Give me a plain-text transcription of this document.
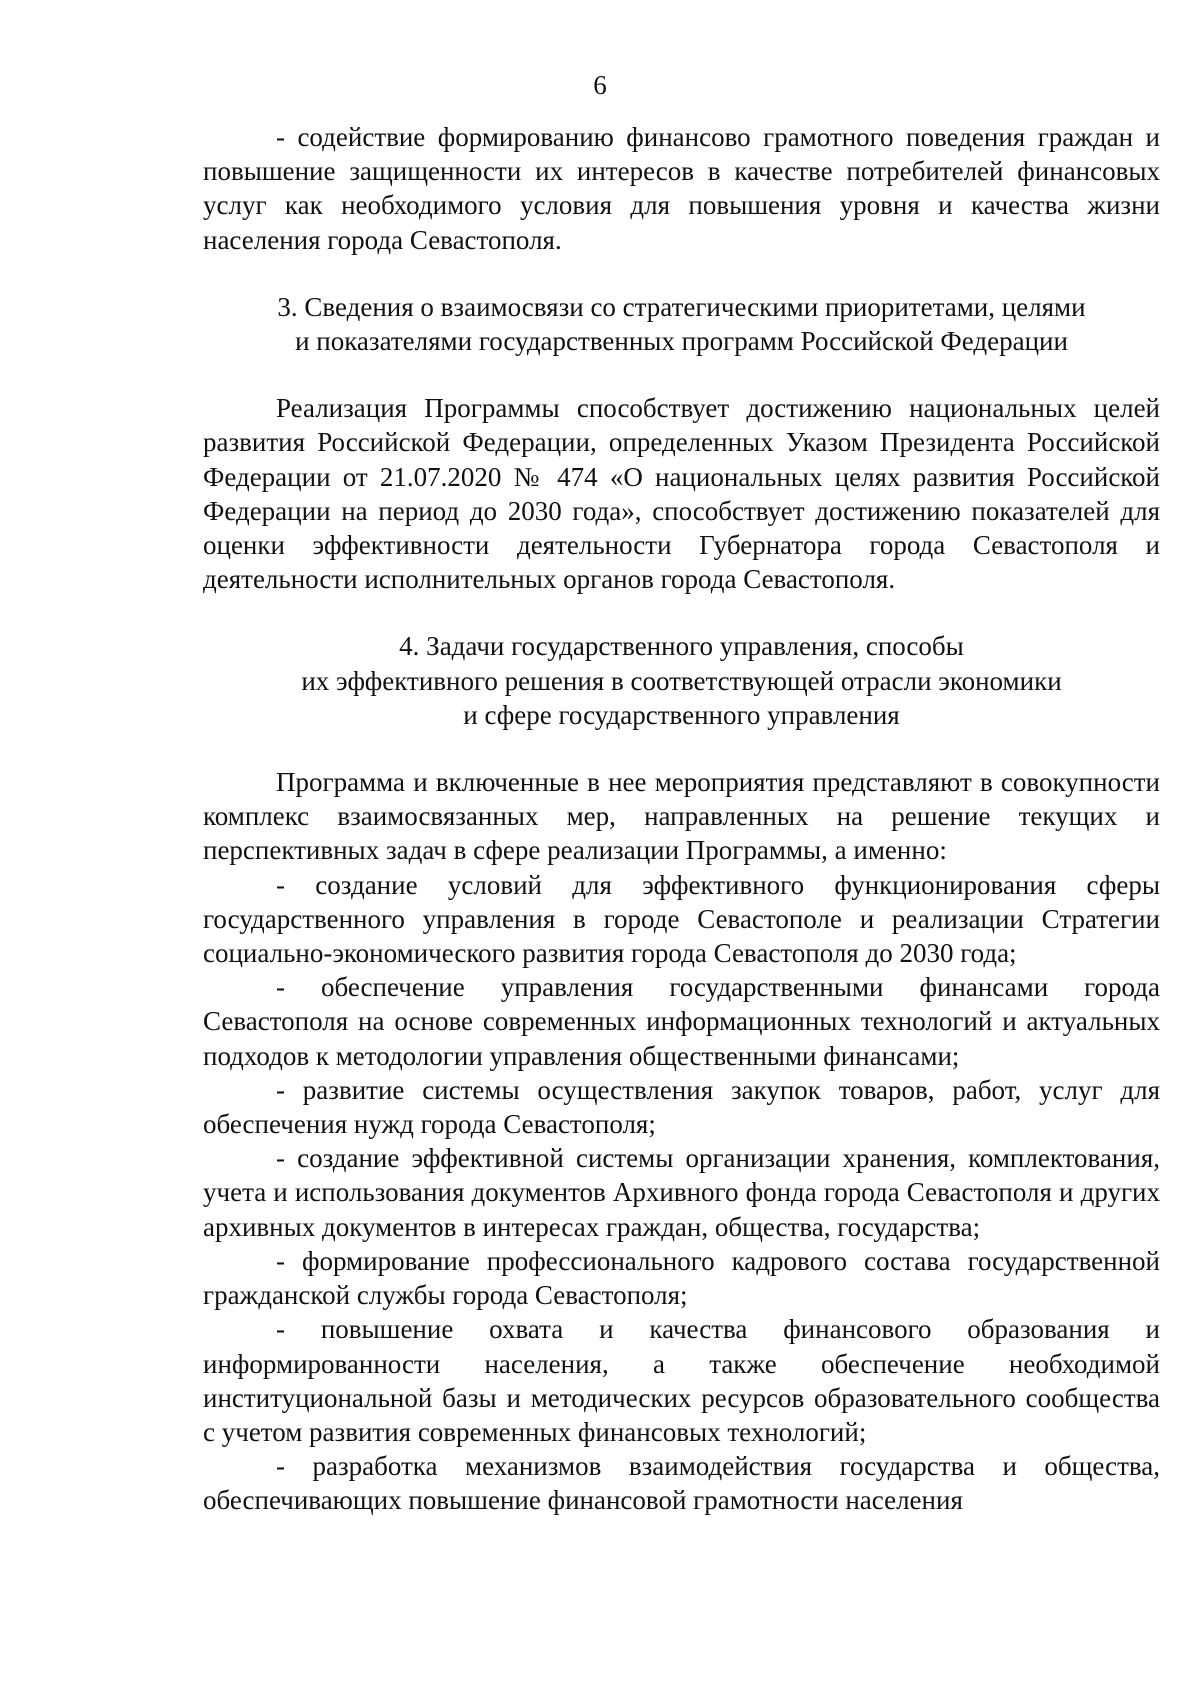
6

- содействие формированию финансово грамотного поведения граждан и повышение защищенности их интересов в качестве потребителей финансовых услуг как необходимого условия для повышения уровня и качества жизни населения города Севастополя.

3. Сведения о взаимосвязи со стратегическими приоритетами, целями

и показателями государственных программ Российской Федерации

Реализация Программы способствует достижению национальных целей развития Российской Федерации, определенных Указом Президента Российской Федерации от 21.07.2020 № 474 «О национальных целях развития Российской Федерации на период до 2030 года», способствует достижению показателей для оценки эффективности деятельности Губернатора города Севастополя и деятельности исполнительных органов города Севастополя.

4. Задачи государственного управления, способы

их эффективного решения в соответствующей отрасли экономики

и сфере государственного управления

Программа и включенные в нее мероприятия представляют в совокупности комплекс взаимосвязанных мер, направленных на решение текущих и перспективных задач в сфере реализации Программы, а именно:

- создание условий для эффективного функционирования сферы государственного управления в городе Севастополе и реализации Стратегии социально-экономического развития города Севастополя до 2030 года;

- обеспечение управления государственными финансами города Севастополя на основе современных информационных технологий и актуальных подходов к методологии управления общественными финансами;

- развитие системы осуществления закупок товаров, работ, услуг для обеспечения нужд города Севастополя;

- создание эффективной системы организации хранения, комплектования, учета и использования документов Архивного фонда города Севастополя и других архивных документов в интересах граждан, общества, государства;

- формирование профессионального кадрового состава государственной гражданской службы города Севастополя;

- повышение охвата и качества финансового образования и информированности населения, а также обеспечение необходимой институциональной базы и методических ресурсов образовательного сообщества с учетом развития современных финансовых технологий;

- разработка механизмов взаимодействия государства и общества, обеспечивающих повышение финансовой грамотности населения
